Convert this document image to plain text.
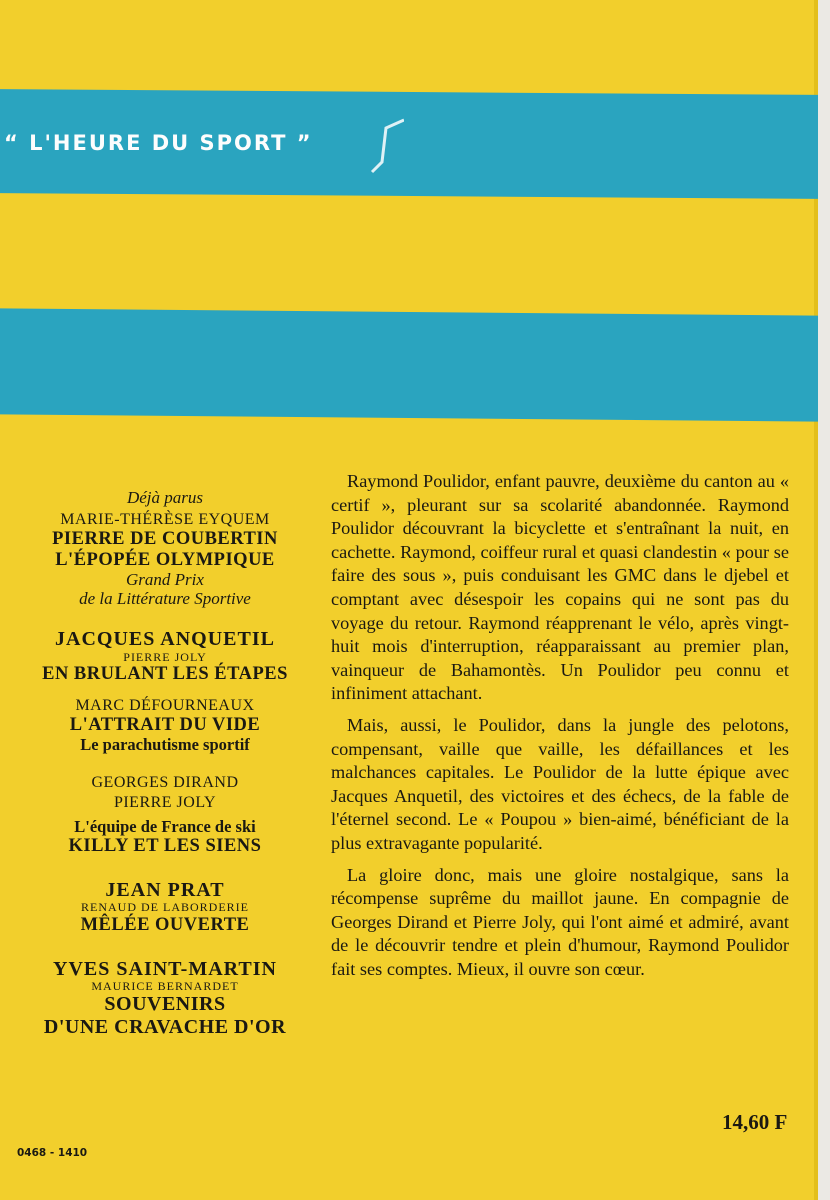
“ L'HEURE DU SPORT ”
Déjà parus
MARIE-THÉRÈSE EYQUEM
PIERRE DE COUBERTIN
L'ÉPOPÉE OLYMPIQUE
Grand Prix
de la Littérature Sportive
JACQUES ANQUETIL
PIERRE JOLY
EN BRULANT LES ÉTAPES
MARC DÉFOURNEAUX
L'ATTRAIT DU VIDE
Le parachutisme sportif
GEORGES DIRAND
PIERRE JOLY
L'équipe de France de ski
KILLY ET LES SIENS
JEAN PRAT
RENAUD DE LABORDERIE
MÊLÉE OUVERTE
YVES SAINT-MARTIN
MAURICE BERNARDET
SOUVENIRS
D'UNE CRAVACHE D'OR

Raymond Poulidor, enfant pauvre, deuxième du canton au « certif », pleurant sur sa scolarité abandonnée. Raymond Poulidor découvrant la bicyclette et s'entraînant la nuit, en cachette. Raymond, coiffeur rural et quasi clandestin « pour se faire des sous », puis conduisant les GMC dans le djebel et comptant avec désespoir les copains qui ne sont pas du voyage du retour. Raymond réapprenant le vélo, après vingt-huit mois d'interruption, réapparaissant au premier plan, vainqueur de Bahamontès. Un Poulidor peu connu et infiniment attachant.

Mais, aussi, le Poulidor, dans la jungle des pelotons, compensant, vaille que vaille, les défaillances et les malchances capitales. Le Poulidor de la lutte épique avec Jacques Anquetil, des victoires et des échecs, de la fable de l'éternel second. Le « Poupou » bien-aimé, bénéficiant de la plus extravagante popularité.

La gloire donc, mais une gloire nostalgique, sans la récompense suprême du maillot jaune. En compagnie de Georges Dirand et Pierre Joly, qui l'ont aimé et admiré, avant de le découvrir tendre et plein d'humour, Raymond Poulidor fait ses comptes. Mieux, il ouvre son cœur.

14,60 F
0468 - 1410
